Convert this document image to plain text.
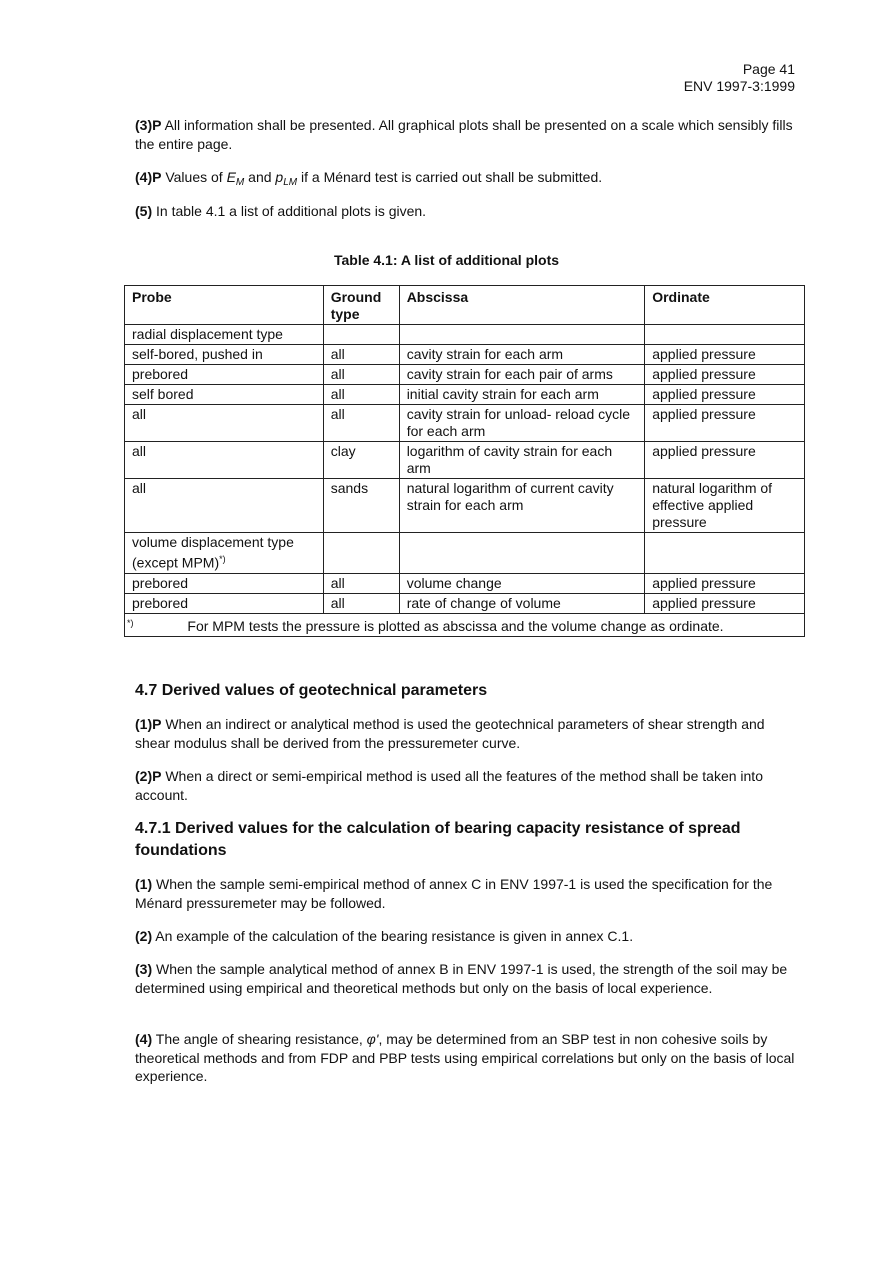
Page 41
ENV 1997-3:1999
(3)P All information shall be presented. All graphical plots shall be presented on a scale which sensibly fills the entire page.
(4)P Values of $E_M$ and $p_{LM}$ if a Ménard test is carried out shall be submitted.
(5) In table 4.1 a list of additional plots is given.
Table 4.1: A list of additional plots
Probe	Ground type	Abscissa	Ordinate
radial displacement type			
self-bored, pushed in	all	cavity strain for each arm	applied pressure
prebored	all	cavity strain for each pair of arms	applied pressure
self bored	all	initial cavity strain for each arm	applied pressure
all	all	cavity strain for unload- reload cycle for each arm	applied pressure
all	clay	logarithm of cavity strain for each arm	applied pressure
all	sands	natural logarithm of current cavity strain for each arm	natural logarithm of effective applied pressure
volume displacement type (except MPM)*)			
prebored	all	volume change	applied pressure
prebored	all	rate of change of volume	applied pressure
*) For MPM tests the pressure is plotted as abscissa and the volume change as ordinate.			
4.7 Derived values of geotechnical parameters
(1)P When an indirect or analytical method is used the geotechnical parameters of shear strength and shear modulus shall be derived from the pressuremeter curve.
(2)P When a direct or semi-empirical method is used all the features of the method shall be taken into account.
4.7.1 Derived values for the calculation of bearing capacity resistance of spread foundations
(1) When the sample semi-empirical method of annex C in ENV 1997-1 is used the specification for the Ménard pressuremeter may be followed.
(2) An example of the calculation of the bearing resistance is given in annex C.1.
(3) When the sample analytical method of annex B in ENV 1997-1 is used, the strength of the soil may be determined using empirical and theoretical methods but only on the basis of local experience.
(4) The angle of shearing resistance, φ', may be determined from an SBP test in non cohesive soils by theoretical methods and from FDP and PBP tests using empirical correlations but only on the basis of local experience.
